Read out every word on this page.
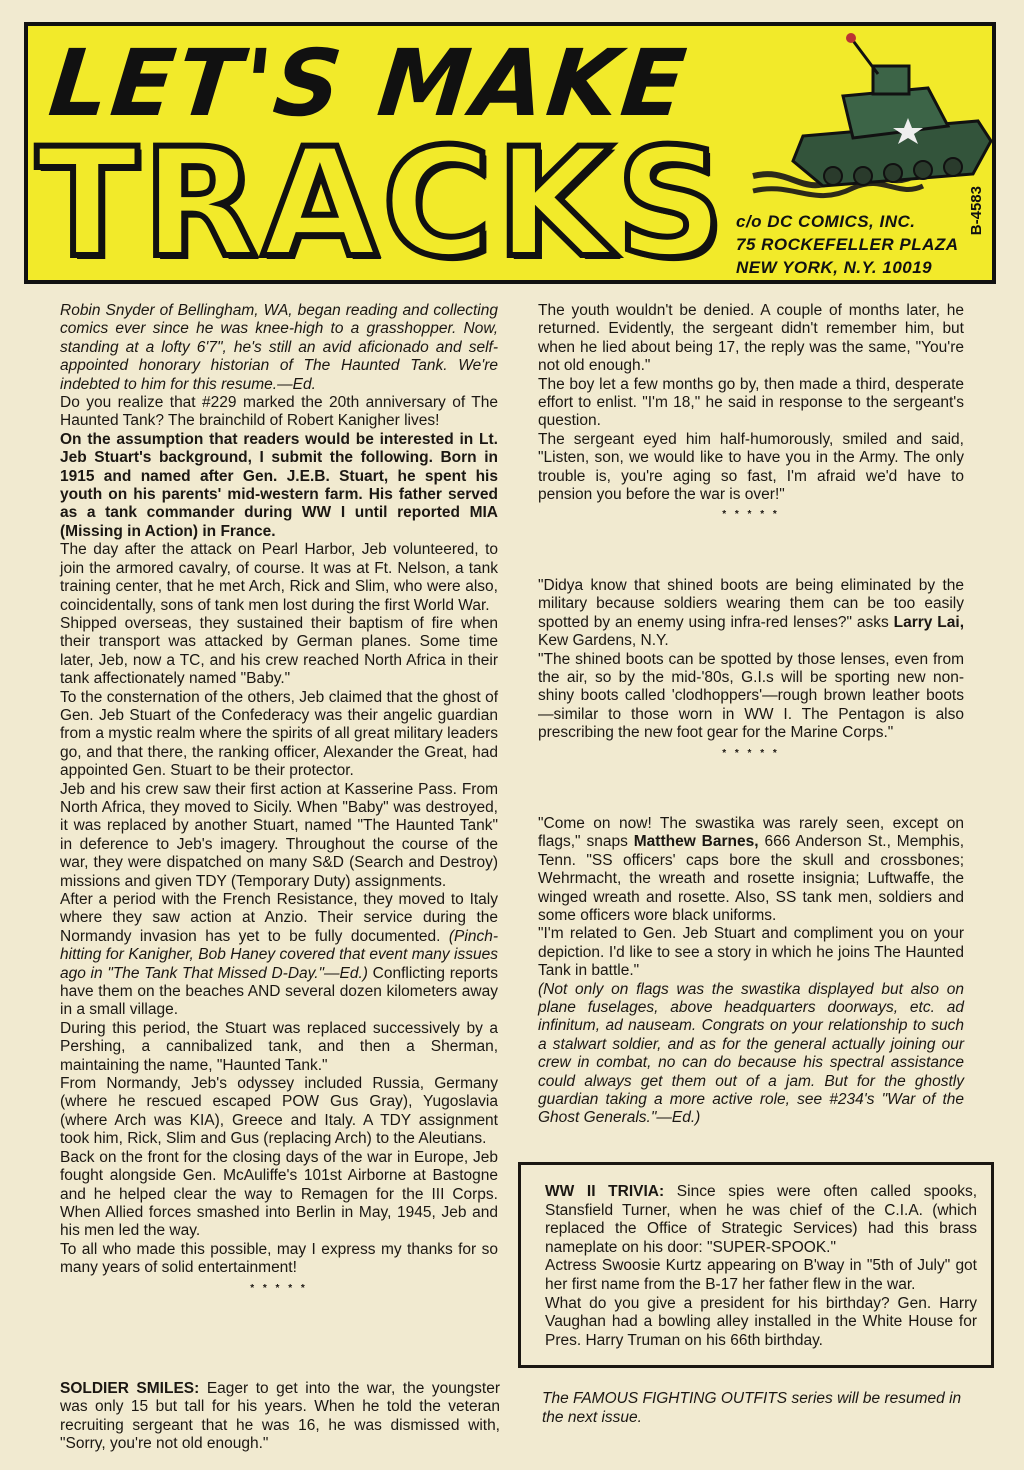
LET'S MAKE
TRACKS	B-4583
c/o DC COMICS, INC.
75 ROCKEFELLER PLAZA
NEW YORK, N.Y. 10019

Robin Snyder of Bellingham, WA, began reading and collecting comics ever since he was knee-high to a grasshopper. Now, standing at a lofty 6'7", he's still an avid aficionado and self-appointed honorary historian of The Haunted Tank. We're indebted to him for this resume.—Ed.

Do you realize that #229 marked the 20th anniversary of The Haunted Tank? The brainchild of Robert Kanigher lives!

On the assumption that readers would be interested in Lt. Jeb Stuart's background, I submit the following. Born in 1915 and named after Gen. J.E.B. Stuart, he spent his youth on his parents' mid-western farm. His father served as a tank commander during WW I until reported MIA (Missing in Action) in France.

The day after the attack on Pearl Harbor, Jeb volunteered, to join the armored cavalry, of course. It was at Ft. Nelson, a tank training center, that he met Arch, Rick and Slim, who were also, coincidentally, sons of tank men lost during the first World War.

Shipped overseas, they sustained their baptism of fire when their transport was attacked by German planes. Some time later, Jeb, now a TC, and his crew reached North Africa in their tank affectionately named "Baby."

To the consternation of the others, Jeb claimed that the ghost of Gen. Jeb Stuart of the Confederacy was their angelic guardian from a mystic realm where the spirits of all great military leaders go, and that there, the ranking officer, Alexander the Great, had appointed Gen. Stuart to be their protector.

Jeb and his crew saw their first action at Kasserine Pass. From North Africa, they moved to Sicily. When "Baby" was destroyed, it was replaced by another Stuart, named "The Haunted Tank" in deference to Jeb's imagery. Throughout the course of the war, they were dispatched on many S&D (Search and Destroy) missions and given TDY (Temporary Duty) assignments.

After a period with the French Resistance, they moved to Italy where they saw action at Anzio. Their service during the Normandy invasion has yet to be fully documented. (Pinch-hitting for Kanigher, Bob Haney covered that event many issues ago in "The Tank That Missed D-Day."—Ed.) Conflicting reports have them on the beaches AND several dozen kilometers away in a small village.

During this period, the Stuart was replaced successively by a Pershing, a cannibalized tank, and then a Sherman, maintaining the name, "Haunted Tank."

From Normandy, Jeb's odyssey included Russia, Germany (where he rescued escaped POW Gus Gray), Yugoslavia (where Arch was KIA), Greece and Italy. A TDY assignment took him, Rick, Slim and Gus (replacing Arch) to the Aleutians.

Back on the front for the closing days of the war in Europe, Jeb fought alongside Gen. McAuliffe's 101st Airborne at Bastogne and he helped clear the way to Remagen for the III Corps. When Allied forces smashed into Berlin in May, 1945, Jeb and his men led the way.

To all who made this possible, may I express my thanks for so many years of solid entertainment!

* * * * *

SOLDIER SMILES: Eager to get into the war, the youngster was only 15 but tall for his years. When he told the veteran recruiting sergeant that he was 16, he was dismissed with, "Sorry, you're not old enough."

The youth wouldn't be denied. A couple of months later, he returned. Evidently, the sergeant didn't remember him, but when he lied about being 17, the reply was the same, "You're not old enough."

The boy let a few months go by, then made a third, desperate effort to enlist. "I'm 18," he said in response to the sergeant's question.

The sergeant eyed him half-humorously, smiled and said, "Listen, son, we would like to have you in the Army. The only trouble is, you're aging so fast, I'm afraid we'd have to pension you before the war is over!"

* * * * *

"Didya know that shined boots are being eliminated by the military because soldiers wearing them can be too easily spotted by an enemy using infra-red lenses?" asks Larry Lai, Kew Gardens, N.Y.

"The shined boots can be spotted by those lenses, even from the air, so by the mid-'80s, G.I.s will be sporting new non-shiny boots called 'clodhoppers'—rough brown leather boots—similar to those worn in WW I. The Pentagon is also prescribing the new foot gear for the Marine Corps."

* * * * *

"Come on now! The swastika was rarely seen, except on flags," snaps Matthew Barnes, 666 Anderson St., Memphis, Tenn. "SS officers' caps bore the skull and crossbones; Wehrmacht, the wreath and rosette insignia; Luftwaffe, the winged wreath and rosette. Also, SS tank men, soldiers and some officers wore black uniforms.

"I'm related to Gen. Jeb Stuart and compliment you on your depiction. I'd like to see a story in which he joins The Haunted Tank in battle."

(Not only on flags was the swastika displayed but also on plane fuselages, above headquarters doorways, etc. ad infinitum, ad nauseam. Congrats on your relationship to such a stalwart soldier, and as for the general actually joining our crew in combat, no can do because his spectral assistance could always get them out of a jam. But for the ghostly guardian taking a more active role, see #234's "War of the Ghost Generals."—Ed.)

WW II TRIVIA: Since spies were often called spooks, Stansfield Turner, when he was chief of the C.I.A. (which replaced the Office of Strategic Services) had this brass nameplate on his door: "SUPER-SPOOK."

Actress Swoosie Kurtz appearing on B'way in "5th of July" got her first name from the B-17 her father flew in the war.

What do you give a president for his birthday? Gen. Harry Vaughan had a bowling alley installed in the White House for Pres. Harry Truman on his 66th birthday.

The FAMOUS FIGHTING OUTFITS series will be resumed in the next issue.
